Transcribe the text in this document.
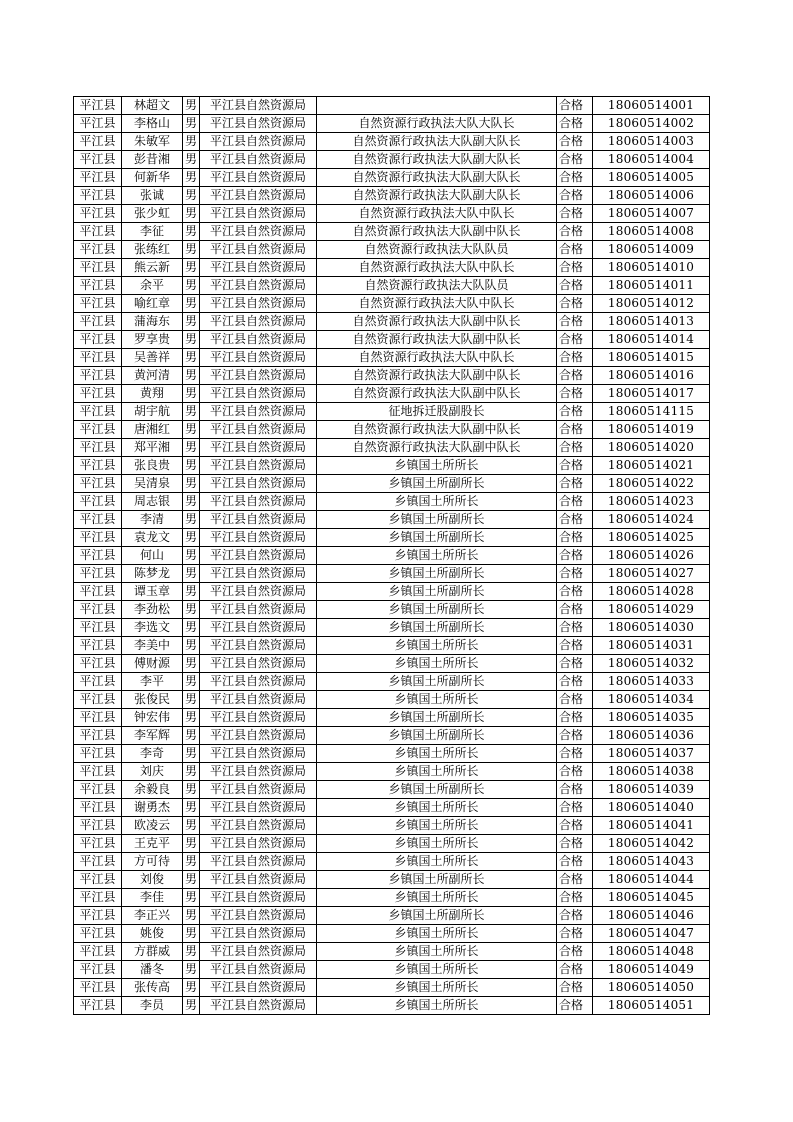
平江县	林超文	男	平江县自然资源局		合格	18060514001
平江县	李格山	男	平江县自然资源局	自然资源行政执法大队大队长	合格	18060514002
平江县	朱敏军	男	平江县自然资源局	自然资源行政执法大队副大队长	合格	18060514003
平江县	彭昔湘	男	平江县自然资源局	自然资源行政执法大队副大队长	合格	18060514004
平江县	何新华	男	平江县自然资源局	自然资源行政执法大队副大队长	合格	18060514005
平江县	张诚	男	平江县自然资源局	自然资源行政执法大队副大队长	合格	18060514006
平江县	张少虹	男	平江县自然资源局	自然资源行政执法大队中队长	合格	18060514007
平江县	李征	男	平江县自然资源局	自然资源行政执法大队副中队长	合格	18060514008
平江县	张练红	男	平江县自然资源局	自然资源行政执法大队队员	合格	18060514009
平江县	熊云新	男	平江县自然资源局	自然资源行政执法大队中队长	合格	18060514010
平江县	余平	男	平江县自然资源局	自然资源行政执法大队队员	合格	18060514011
平江县	喻红章	男	平江县自然资源局	自然资源行政执法大队中队长	合格	18060514012
平江县	蒲海东	男	平江县自然资源局	自然资源行政执法大队副中队长	合格	18060514013
平江县	罗享贵	男	平江县自然资源局	自然资源行政执法大队副中队长	合格	18060514014
平江县	吴善祥	男	平江县自然资源局	自然资源行政执法大队中队长	合格	18060514015
平江县	黄河清	男	平江县自然资源局	自然资源行政执法大队副中队长	合格	18060514016
平江县	黄翔	男	平江县自然资源局	自然资源行政执法大队副中队长	合格	18060514017
平江县	胡宇航	男	平江县自然资源局	征地拆迁股副股长	合格	18060514115
平江县	唐湘红	男	平江县自然资源局	自然资源行政执法大队副中队长	合格	18060514019
平江县	郑平湘	男	平江县自然资源局	自然资源行政执法大队副中队长	合格	18060514020
平江县	张良贵	男	平江县自然资源局	乡镇国土所所长	合格	18060514021
平江县	吴清泉	男	平江县自然资源局	乡镇国土所副所长	合格	18060514022
平江县	周志银	男	平江县自然资源局	乡镇国土所所长	合格	18060514023
平江县	李清	男	平江县自然资源局	乡镇国土所副所长	合格	18060514024
平江县	袁龙文	男	平江县自然资源局	乡镇国土所副所长	合格	18060514025
平江县	何山	男	平江县自然资源局	乡镇国土所所长	合格	18060514026
平江县	陈梦龙	男	平江县自然资源局	乡镇国土所副所长	合格	18060514027
平江县	谭玉章	男	平江县自然资源局	乡镇国土所副所长	合格	18060514028
平江县	李劲松	男	平江县自然资源局	乡镇国土所副所长	合格	18060514029
平江县	李选文	男	平江县自然资源局	乡镇国土所副所长	合格	18060514030
平江县	李美中	男	平江县自然资源局	乡镇国土所所长	合格	18060514031
平江县	傅财源	男	平江县自然资源局	乡镇国土所所长	合格	18060514032
平江县	李平	男	平江县自然资源局	乡镇国土所副所长	合格	18060514033
平江县	张俊民	男	平江县自然资源局	乡镇国土所所长	合格	18060514034
平江县	钟宏伟	男	平江县自然资源局	乡镇国土所副所长	合格	18060514035
平江县	李军辉	男	平江县自然资源局	乡镇国土所副所长	合格	18060514036
平江县	李奇	男	平江县自然资源局	乡镇国土所所长	合格	18060514037
平江县	刘庆	男	平江县自然资源局	乡镇国土所所长	合格	18060514038
平江县	余毅良	男	平江县自然资源局	乡镇国土所副所长	合格	18060514039
平江县	谢勇杰	男	平江县自然资源局	乡镇国土所所长	合格	18060514040
平江县	欧凌云	男	平江县自然资源局	乡镇国土所所长	合格	18060514041
平江县	王克平	男	平江县自然资源局	乡镇国土所所长	合格	18060514042
平江县	方可待	男	平江县自然资源局	乡镇国土所所长	合格	18060514043
平江县	刘俊	男	平江县自然资源局	乡镇国土所副所长	合格	18060514044
平江县	李佳	男	平江县自然资源局	乡镇国土所所长	合格	18060514045
平江县	李正兴	男	平江县自然资源局	乡镇国土所副所长	合格	18060514046
平江县	姚俊	男	平江县自然资源局	乡镇国土所所长	合格	18060514047
平江县	方群威	男	平江县自然资源局	乡镇国土所所长	合格	18060514048
平江县	潘冬	男	平江县自然资源局	乡镇国土所所长	合格	18060514049
平江县	张传高	男	平江县自然资源局	乡镇国土所所长	合格	18060514050
平江县	李员	男	平江县自然资源局	乡镇国土所所长	合格	18060514051
